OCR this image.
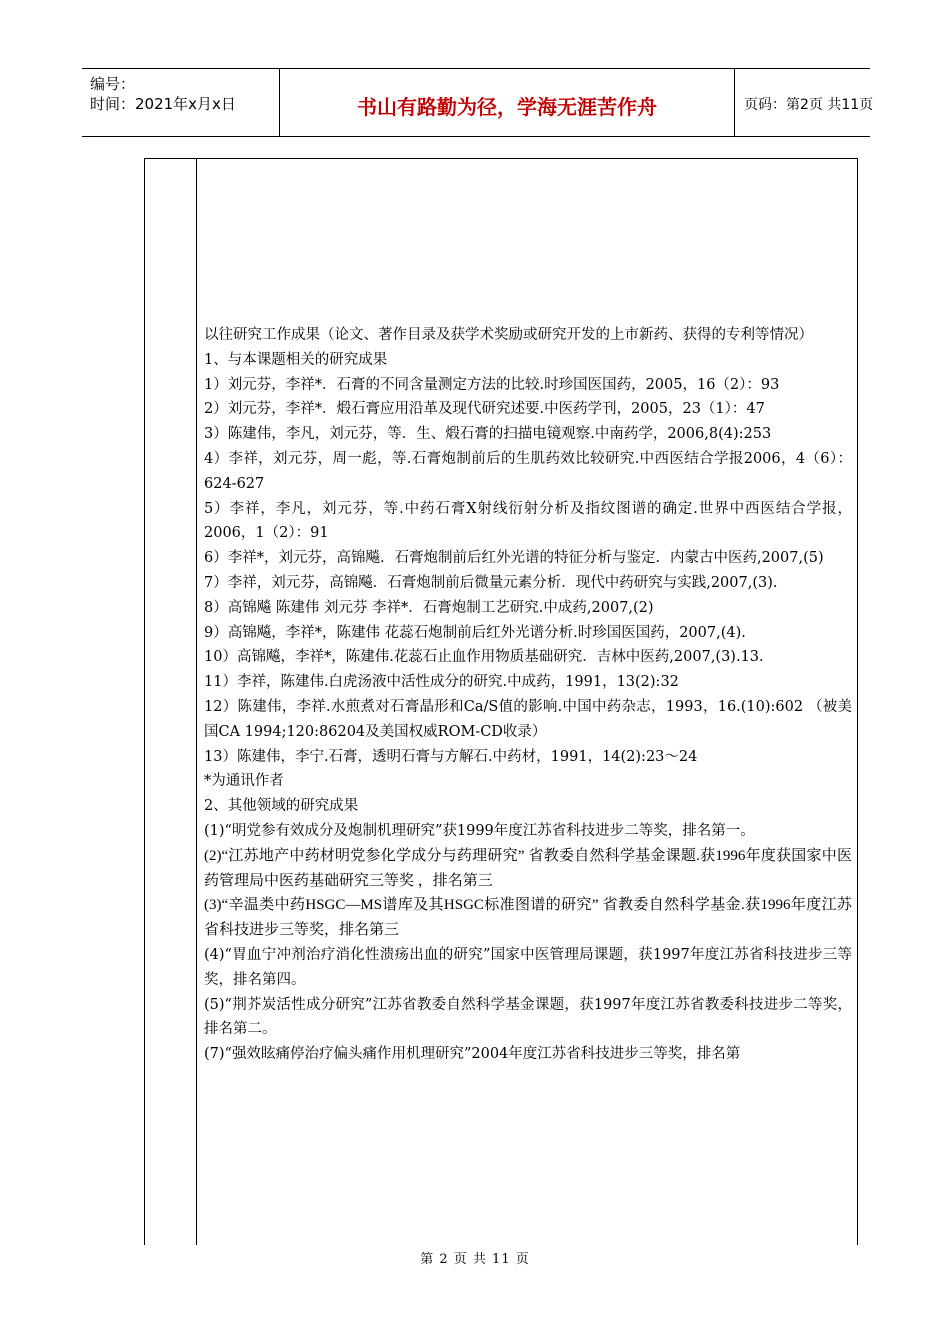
编号：
时间：2021年x月x日	书山有路勤为径，学海无涯苦作舟	页码：第2页 共11页

以往研究工作成果（论文、著作目录及获学术奖励或研究开发的上市新药、获得的专利等情况）

1、与本课题相关的研究成果

1）刘元芬，李祥*．石膏的不同含量测定方法的比较.时珍国医国药，2005，16（2）：93

2）刘元芬，李祥*．煅石膏应用沿革及现代研究述要.中医药学刊，2005，23（1）：47

3）陈建伟，李凡，刘元芬，等．生、煅石膏的扫描电镜观察.中南药学，2006,8(4):253

4）李祥，刘元芬，周一彪，等.石膏炮制前后的生肌药效比较研究.中西医结合学报2006，4（6）：624-627

5）李祥，李凡，刘元芬，等.中药石膏X射线衍射分析及指纹图谱的确定.世界中西医结合学报，2006，1（2）：91

6）李祥*，刘元芬，高锦飚．石膏炮制前后红外光谱的特征分析与鉴定．内蒙古中医药,2007,(5)

7）李祥，刘元芬，高锦飚．石膏炮制前后微量元素分析．现代中药研究与实践,2007,(3).

8）高锦飚 陈建伟 刘元芬 李祥*．石膏炮制工艺研究.中成药,2007,(2)

9）高锦飚，李祥*，陈建伟 花蕊石炮制前后红外光谱分析.时珍国医国药，2007,(4).

10）高锦飚，李祥*，陈建伟.花蕊石止血作用物质基础研究．吉林中医药,2007,(3).13.

11）李祥，陈建伟.白虎汤液中活性成分的研究.中成药，1991，13(2):32

12）陈建伟，李祥.水煎煮对石膏晶形和Ca/S值的影响.中国中药杂志，1993，16.(10):602 （被美国CA 1994;120:86204及美国权威ROM-CD收录）

13）陈建伟，李宁.石膏，透明石膏与方解石.中药材，1991，14(2):23～24

*为通讯作者

2、其他领域的研究成果

(1)“明党参有效成分及炮制机理研究”获1999年度江苏省科技进步二等奖，排名第一。

(2)“江苏地产中药材明党参化学成分与药理研究” 省教委自然科学基金课题.获1996年度获国家中医药管理局中医药基础研究三等奖 ，排名第三

(3)“辛温类中药HSGC—MS谱库及其HSGC标准图谱的研究” 省教委自然科学基金.获1996年度江苏省科技进步三等奖，排名第三

(4)“胃血宁冲剂治疗消化性溃疡出血的研究”国家中医管理局课题，获1997年度江苏省科技进步三等奖，排名第四。

(5)“荆芥炭活性成分研究”江苏省教委自然科学基金课题，获1997年度江苏省教委科技进步二等奖，排名第二。

(7)“强效眩痛停治疗偏头痛作用机理研究”2004年度江苏省科技进步三等奖，排名第

第 2 页 共 11 页
